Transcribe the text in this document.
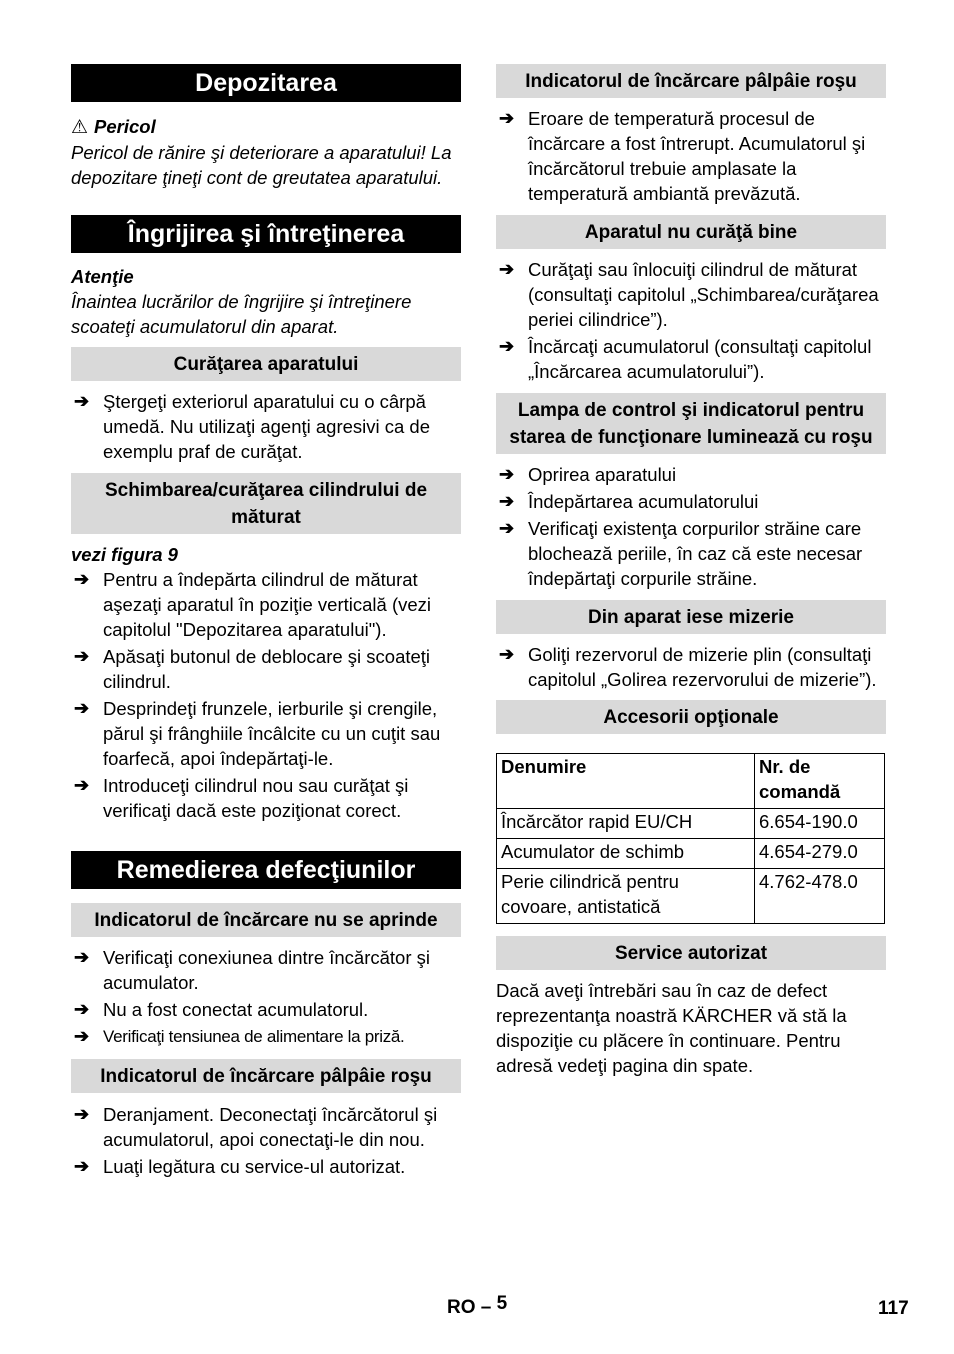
Depozitarea
⚠ Pericol

Pericol de rănire şi deteriorare a aparatului! La depozitare ţineţi cont de greutatea aparatului.

Îngrijirea şi întreţinerea
Atenţie

Înaintea lucrărilor de îngrijire şi întreţinere scoateţi acumulatorul din aparat.

Curăţarea aparatului
➔ Ştergeţi exteriorul aparatului cu o cârpă umedă. Nu utilizaţi agenţi agresivi ca de exemplu praf de curăţat.
Schimbarea/curăţarea cilindrului de măturat
vezi figura 9
➔ Pentru a îndepărta cilindrul de măturat aşezaţi aparatul în poziţie verticală (vezi capitolul "Depozitarea aparatului").
➔ Apăsaţi butonul de deblocare şi scoateţi cilindrul.
➔ Desprindeţi frunzele, ierburile şi crengile, părul şi frânghiile încâlcite cu un cuţit sau foarfecă, apoi îndepărtaţi-le.
➔ Introduceţi cilindrul nou sau curăţat şi verificaţi dacă este poziţionat corect.
Remedierea defecţiunilor
Indicatorul de încărcare nu se aprinde
➔ Verificaţi conexiunea dintre încărcător şi acumulator.
➔ Nu a fost conectat acumulatorul.
➔ Verificaţi tensiunea de alimentare la priză.
Indicatorul de încărcare pâlpâie roşu
➔ Deranjament. Deconectaţi încărcătorul şi acumulatorul, apoi conectaţi-le din nou.
➔ Luaţi legătura cu service-ul autorizat.
Indicatorul de încărcare pâlpâie roşu
➔ Eroare de temperatură procesul de încărcare a fost întrerupt. Acumulatorul şi încărcătorul trebuie amplasate la temperatură ambiantă prevăzută.
Aparatul nu curăţă bine
➔ Curăţaţi sau înlocuiţi cilindrul de măturat (consultaţi capitolul „Schimbarea/curăţarea periei cilindrice”).
➔ Încărcaţi acumulatorul (consultaţi capitolul „Încărcarea acumulatorului”).
Lampa de control şi indicatorul pentru starea de funcţionare luminează cu roşu
➔ Oprirea aparatului
➔ Îndepărtarea acumulatorului
➔ Verificaţi existenţa corpurilor străine care blochează periile, în caz că este necesar îndepărtaţi corpurile străine.
Din aparat iese mizerie
➔ Goliţi rezervorul de mizerie plin (consultaţi capitolul „Golirea rezervorului de mizerie”).
Accesorii opţionale
Denumire	Nr. de comandă
Încărcător rapid EU/CH	6.654-190.0
Acumulator de schimb	4.654-279.0
Perie cilindrică pentru covoare, antistatică	4.762-478.0
Service autorizat

Dacă aveţi întrebări sau în caz de defect reprezentanţa noastră KÄRCHER vă stă la dispoziţie cu plăcere în continuare. Pentru adresă vedeţi pagina din spate.

RO – 5	117
